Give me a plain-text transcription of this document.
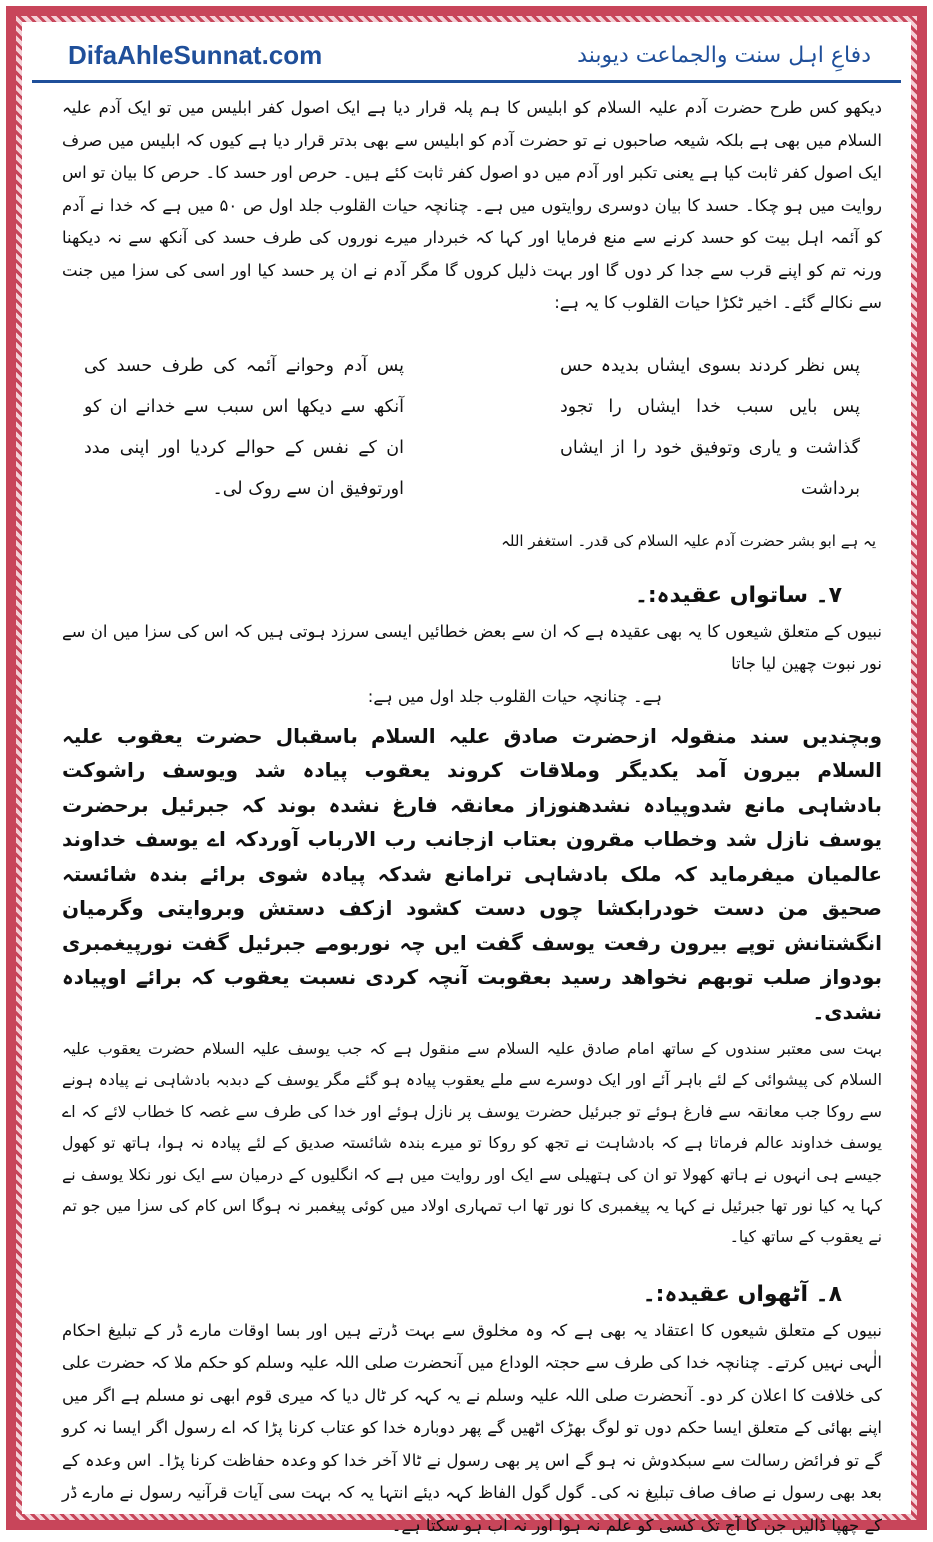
DifaAhleSunnat.com	دفاعِ اہل سنت والجماعت دیوبند

دیکھو کس طرح حضرت آدم علیہ السلام کو ابلیس کا ہم پلہ قرار دیا ہے ایک اصول کفر ابلیس میں تو ایک آدم علیہ السلام میں بھی ہے بلکہ شیعہ صاحبوں نے تو حضرت آدم کو ابلیس سے بھی بدتر قرار دیا ہے کیوں کہ ابلیس میں صرف ایک اصول کفر ثابت کیا ہے یعنی تکبر اور آدم میں دو اصول کفر ثابت کئے ہیں۔ حرص اور حسد کا۔ حرص کا بیان تو اس روایت میں ہو چکا۔ حسد کا بیان دوسری روایتوں میں ہے۔ چنانچہ حیات القلوب جلد اول ص ۵۰ میں ہے کہ خدا نے آدم کو آئمہ اہل بیت کو حسد کرنے سے منع فرمایا اور کہا کہ خبردار میرے نوروں کی طرف حسد کی آنکھ سے نہ دیکھنا ورنہ تم کو اپنے قرب سے جدا کر دوں گا اور بہت ذلیل کروں گا مگر آدم نے ان پر حسد کیا اور اسی کی سزا میں جنت سے نکالے گئے۔ اخیر ٹکڑا حیات القلوب کا یہ ہے:

پس نظر کردند بسوی ایشاں بدیدہ حس پس بایں سبب خدا ایشاں را تجود گذاشت و یاری وتوفیق خود را از ایشاں برداشت
پس آدم وحوانے آئمہ کی طرف حسد کی آنکھ سے دیکھا اس سبب سے خدانے ان کو ان کے نفس کے حوالے کردیا اور اپنی مدد اورتوفیق ان سے روک لی۔

یہ ہے ابو بشر حضرت آدم علیہ السلام کی قدر۔ استغفر اللہ

۷۔ ساتواں عقیدہ:۔

نبیوں کے متعلق شیعوں کا یہ بھی عقیدہ ہے کہ ان سے بعض خطائیں ایسی سرزد ہوتی ہیں کہ اس کی سزا میں ان سے نور نبوت چھین لیا جاتا

ہے۔ چنانچہ حیات القلوب جلد اول میں ہے:

وبچندیں سند منقولہ ازحضرت صادق علیہ السلام باسقبال حضرت یعقوب علیہ السلام بیرون آمد یکدیگر وملاقات کروند یعقوب پیادہ شد ویوسف راشوکت بادشاہی مانع شدوپیادہ نشدھنوزاز معانقہ فارغ نشدہ بوند کہ جبرئیل برحضرت یوسف نازل شد وخطاب مقرون بعتاب ازجانب رب الارباب آوردکہ اے یوسف خداوند عالمیان میفرماید کہ ملک بادشاہی ترامانع شدکہ پیادہ شوی برائے بندہ شائستہ صحیق من دست خودرابکشا چوں دست کشود ازکف دستش وبروایتی وگرمیان انگشتانش توپے بیرون رفعت یوسف گفت ایں چہ نوربومے جبرئیل گفت نورپیغمبری بودواز صلب توبھم نخواھد رسید بعقوبت آنچہ کردی نسبت یعقوب کہ برائے اوپیادہ نشدی۔

بہت سی معتبر سندوں کے ساتھ امام صادق علیہ السلام سے منقول ہے کہ جب یوسف علیہ السلام حضرت یعقوب علیہ السلام کی پیشوائی کے لئے باہر آئے اور ایک دوسرے سے ملے یعقوب پیادہ ہو گئے مگر یوسف کے دبدبہ بادشاہی نے پیادہ ہونے سے روکا جب معانقہ سے فارغ ہوئے تو جبرئیل حضرت یوسف پر نازل ہوئے اور خدا کی طرف سے غصہ کا خطاب لائے کہ اے یوسف خداوند عالم فرماتا ہے کہ بادشاہت نے تجھ کو روکا تو میرے بندہ شائستہ صدیق کے لئے پیادہ نہ ہوا، ہاتھ تو کھول جیسے ہی انہوں نے ہاتھ کھولا تو ان کی ہتھیلی سے ایک اور روایت میں ہے کہ انگلیوں کے درمیان سے ایک نور نکلا یوسف نے کہا یہ کیا نور تھا جبرئیل نے کہا یہ پیغمبری کا نور تھا اب تمہاری اولاد میں کوئی پیغمبر نہ ہوگا اس کام کی سزا میں جو تم نے یعقوب کے ساتھ کیا۔

۸۔ آٹھواں عقیدہ:۔

نبیوں کے متعلق شیعوں کا اعتقاد یہ بھی ہے کہ وہ مخلوق سے بہت ڈرتے ہیں اور بسا اوقات مارے ڈر کے تبلیغ احکام الٰہی نہیں کرتے۔ چنانچہ خدا کی طرف سے حجتہ الوداع میں آنحضرت صلی اللہ علیہ وسلم کو حکم ملا کہ حضرت علی کی خلافت کا اعلان کر دو۔ آنحضرت صلی اللہ علیہ وسلم نے یہ کہہ کر ٹال دیا کہ میری قوم ابھی نو مسلم ہے اگر میں اپنے بھائی کے متعلق ایسا حکم دوں تو لوگ بھڑک اٹھیں گے پھر دوبارہ خدا کو عتاب کرنا پڑا کہ اے رسول اگر ایسا نہ کرو گے تو فرائض رسالت سے سبکدوش نہ ہو گے اس پر بھی رسول نے ٹالا آخر خدا کو وعدہ حفاظت کرنا پڑا۔ اس وعدہ کے بعد بھی رسول نے صاف صاف تبلیغ نہ کی۔ گول گول الفاظ کہہ دیئے انتہا یہ کہ بہت سی آیات قرآنیہ رسول نے مارے ڈر کے چھپا ڈالیں جن کا آج تک کسی کو علم نہ ہوا اور نہ اب ہو سکتا ہے۔
